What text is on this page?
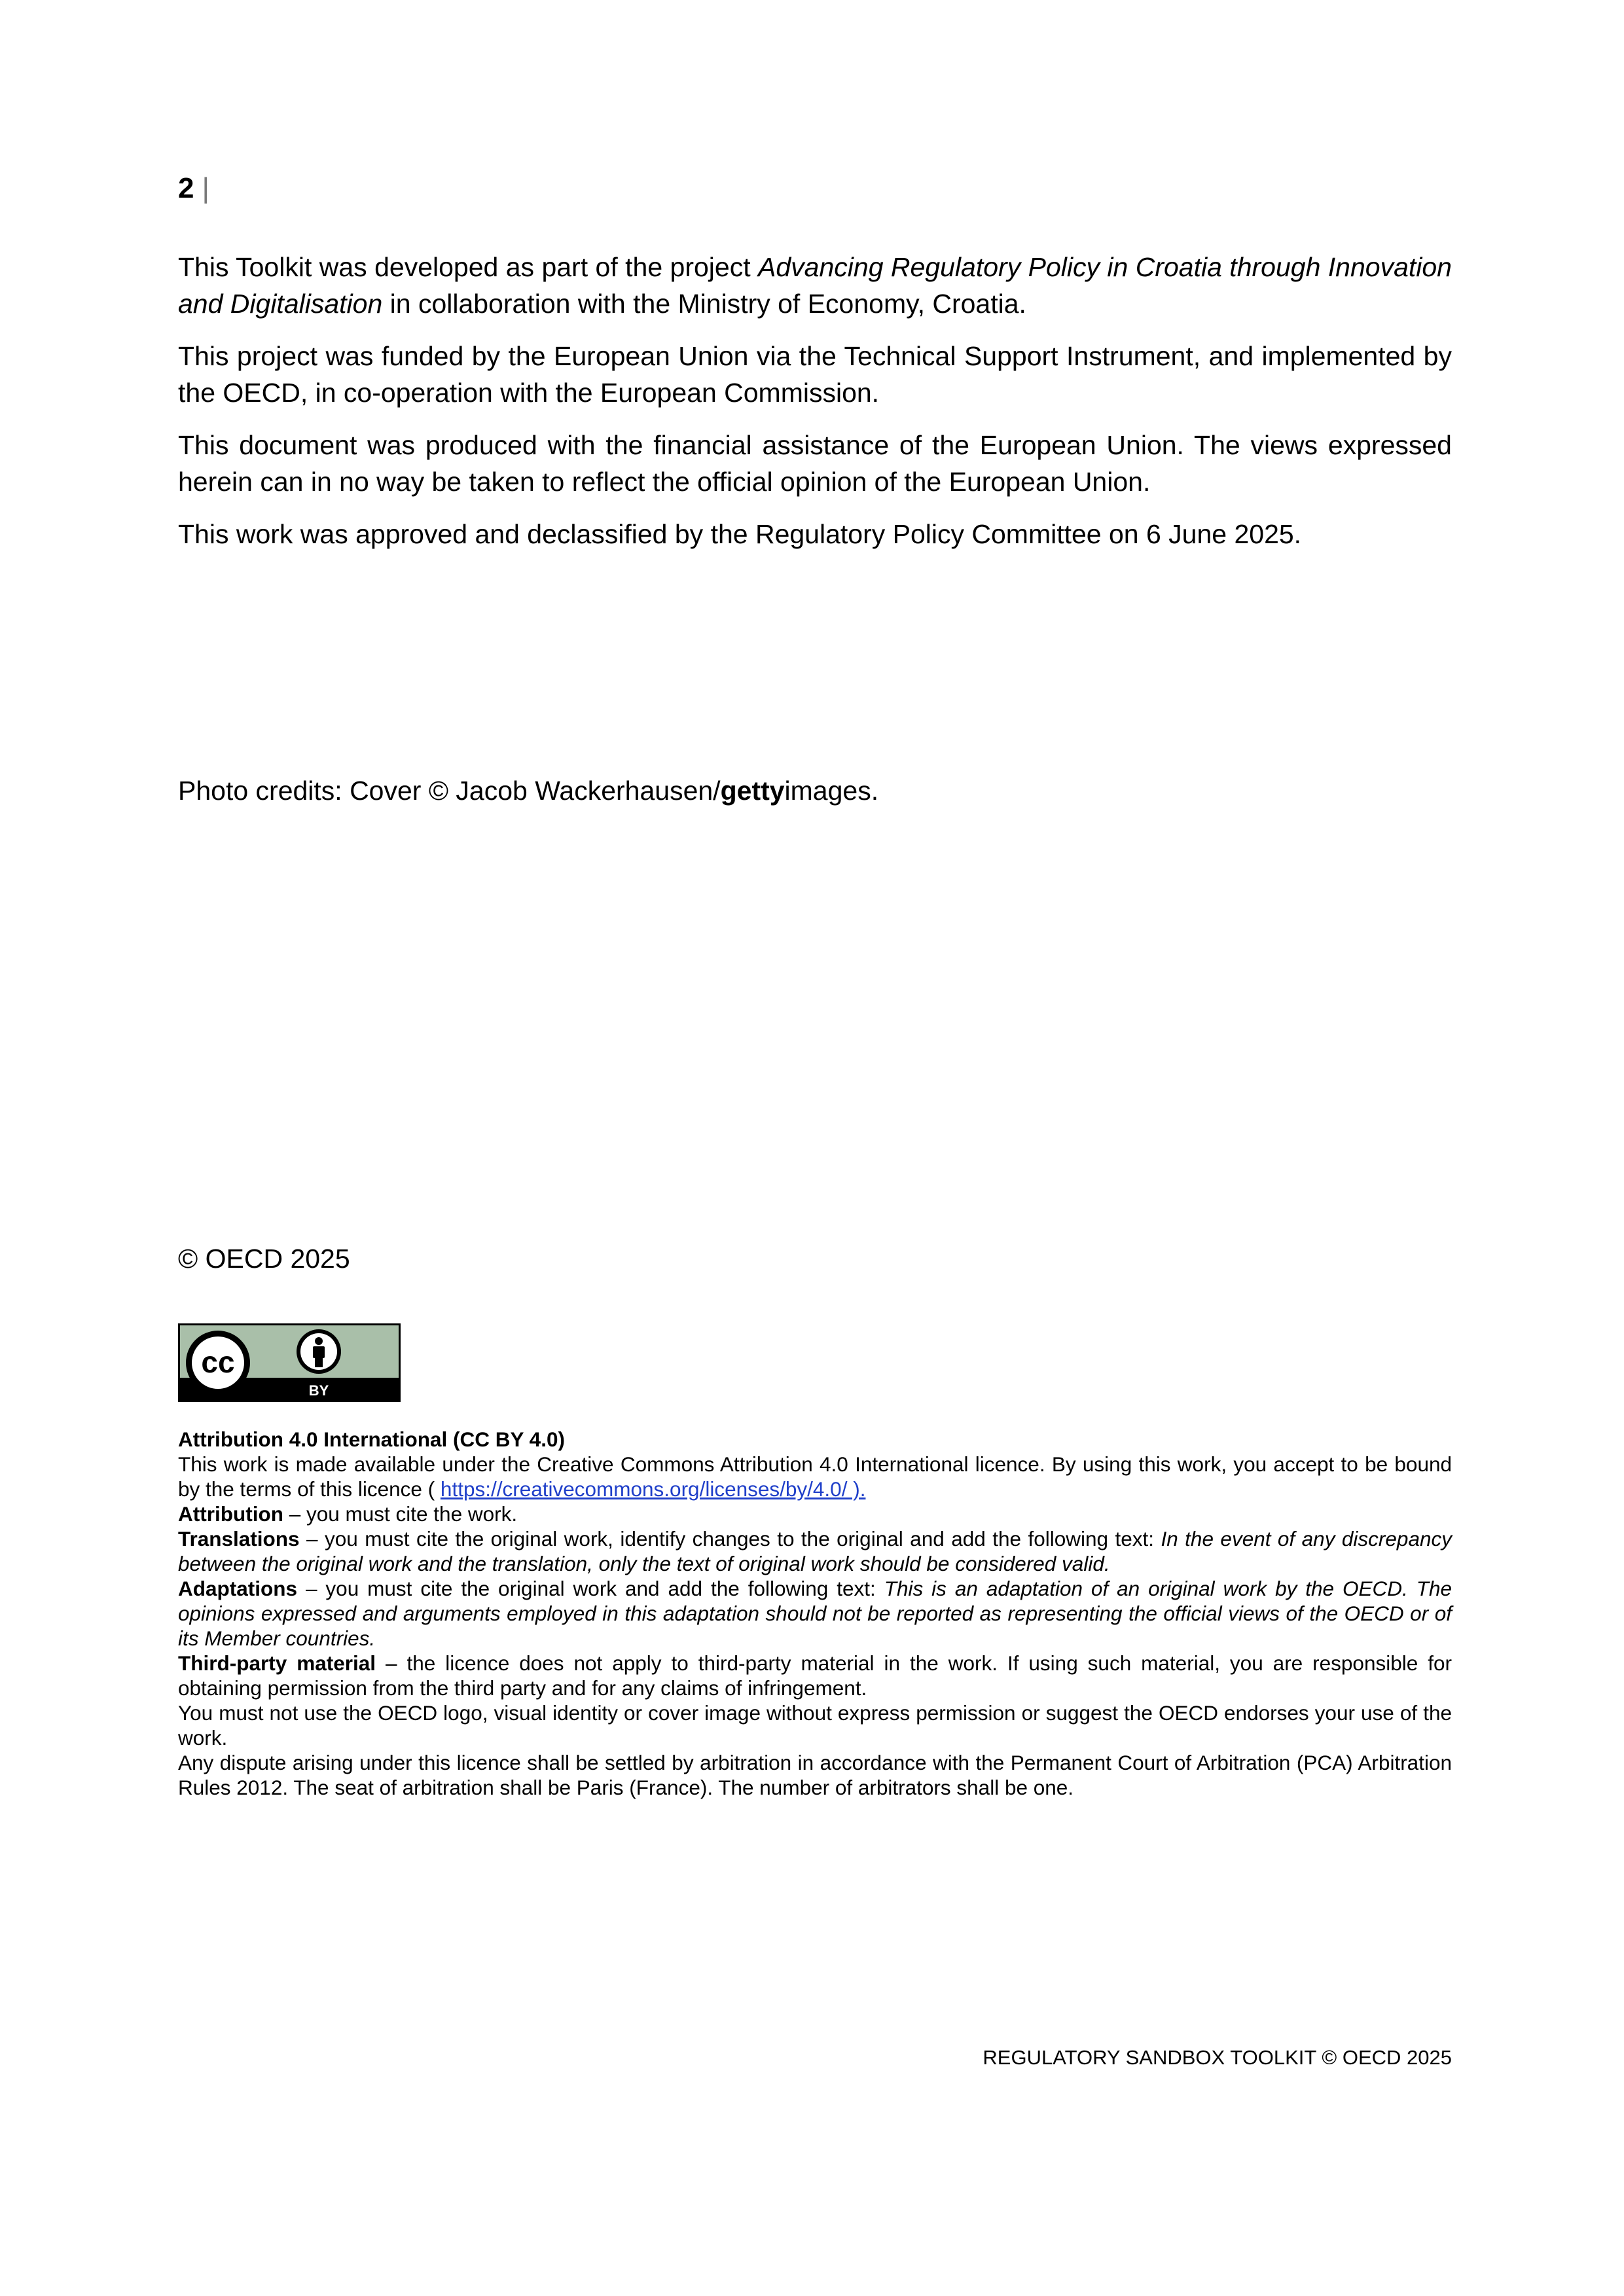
2 |

This Toolkit was developed as part of the project Advancing Regulatory Policy in Croatia through Innovation and Digitalisation in collaboration with the Ministry of Economy, Croatia.

This project was funded by the European Union via the Technical Support Instrument, and implemented by the OECD, in co-operation with the European Commission.

This document was produced with the financial assistance of the European Union. The views expressed herein can in no way be taken to reflect the official opinion of the European Union.

This work was approved and declassified by the Regulatory Policy Committee on 6 June 2025.

Photo credits: Cover © Jacob Wackerhausen/gettyimages.
© OECD 2025
cc
BY

Attribution 4.0 International (CC BY 4.0)

This work is made available under the Creative Commons Attribution 4.0 International licence. By using this work, you accept to be bound by the terms of this licence ( https://creativecommons.org/licenses/by/4.0/ ).

Attribution – you must cite the work.

Translations – you must cite the original work, identify changes to the original and add the following text: In the event of any discrepancy between the original work and the translation, only the text of original work should be considered valid.

Adaptations – you must cite the original work and add the following text: This is an adaptation of an original work by the OECD. The opinions expressed and arguments employed in this adaptation should not be reported as representing the official views of the OECD or of its Member countries.

Third-party material – the licence does not apply to third-party material in the work. If using such material, you are responsible for obtaining permission from the third party and for any claims of infringement.

You must not use the OECD logo, visual identity or cover image without express permission or suggest the OECD endorses your use of the work.

Any dispute arising under this licence shall be settled by arbitration in accordance with the Permanent Court of Arbitration (PCA) Arbitration Rules 2012. The seat of arbitration shall be Paris (France). The number of arbitrators shall be one.

REGULATORY SANDBOX TOOLKIT © OECD 2025
